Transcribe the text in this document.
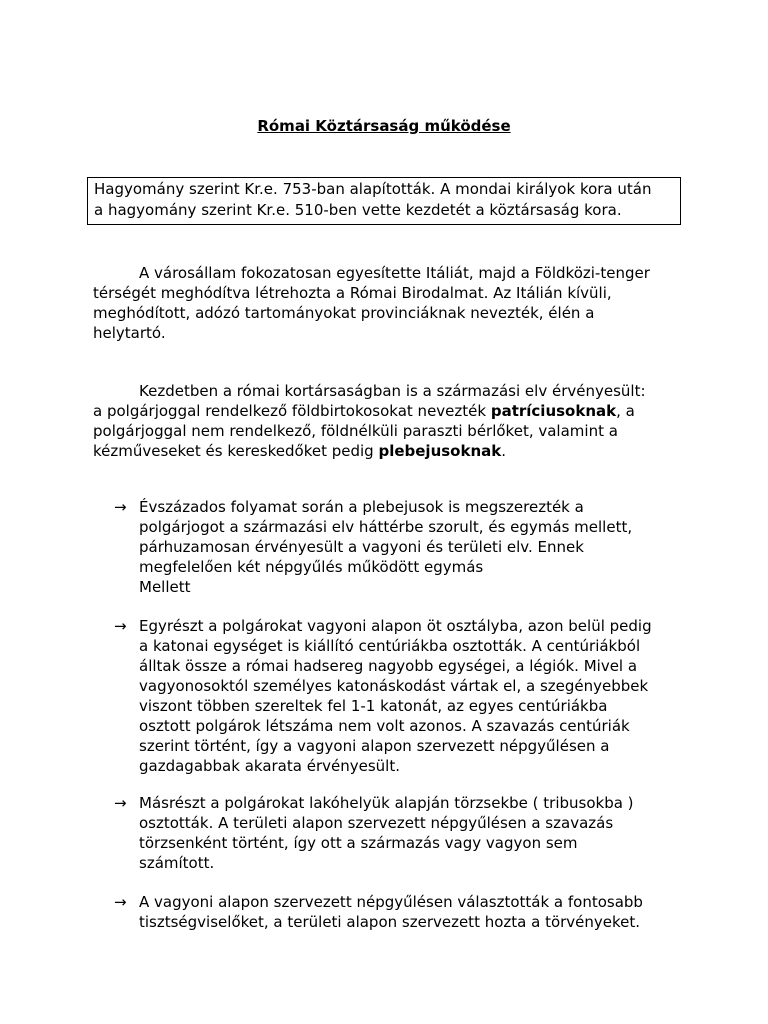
Római Köztársaság működése
Hagyomány szerint Kr.e. 753-ban alapították. A mondai királyok kora után
a hagyomány szerint Kr.e. 510-ben vette kezdetét a köztársaság kora.
A városállam fokozatosan egyesítette Itáliát, majd a Földközi-tenger
térségét meghódítva létrehozta a Római Birodalmat. Az Itálián kívüli,
meghódított, adózó tartományokat provinciáknak nevezték, élén a
helytartó.
Kezdetben a római kortársaságban is a származási elv érvényesült:
a polgárjoggal rendelkező földbirtokosokat nevezték patríciusoknak, a
polgárjoggal nem rendelkező, földnélküli paraszti bérlőket, valamint a
kézműveseket és kereskedőket pedig plebejusoknak.
→ Évszázados folyamat során a plebejusok is megszerezték a
polgárjogot a származási elv háttérbe szorult, és egymás mellett,
párhuzamosan érvényesült a vagyoni és területi elv. Ennek
megfelelően két népgyűlés működött egymás
Mellett
→ Egyrészt a polgárokat vagyoni alapon öt osztályba, azon belül pedig
a katonai egységet is kiállító centúriákba osztották. A centúriákból
álltak össze a római hadsereg nagyobb egységei, a légiók. Mivel a
vagyonosoktól személyes katonáskodást vártak el, a szegényebbek
viszont többen szereltek fel 1-1 katonát, az egyes centúriákba
osztott polgárok létszáma nem volt azonos. A szavazás centúriák
szerint történt, így a vagyoni alapon szervezett népgyűlésen a
gazdagabbak akarata érvényesült.
→ Másrészt a polgárokat lakóhelyük alapján törzsekbe ( tribusokba )
osztották. A területi alapon szervezett népgyűlésen a szavazás
törzsenként történt, így ott a származás vagy vagyon sem
számított.
→ A vagyoni alapon szervezett népgyűlésen választották a fontosabb
tisztségviselőket, a területi alapon szervezett hozta a törvényeket.
